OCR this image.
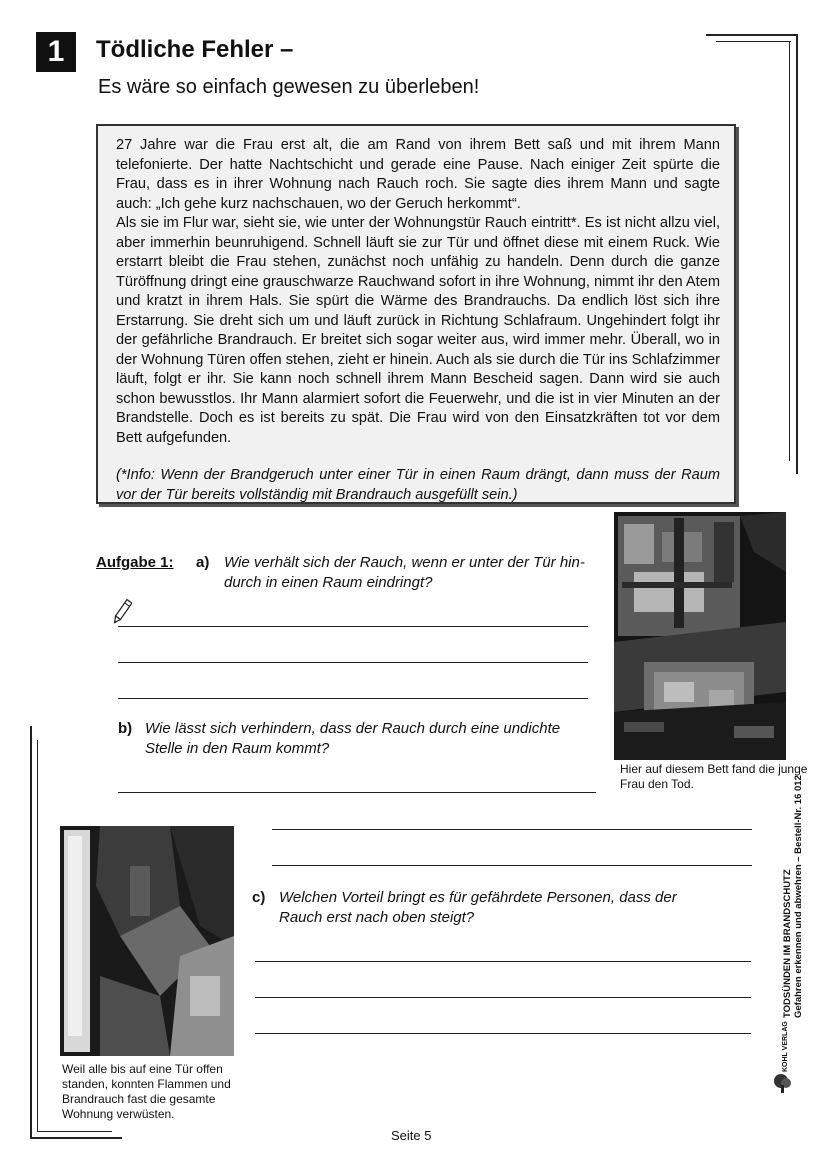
1	Tödliche Fehler –
Es wäre so einfach gewesen zu überleben!

27 Jahre war die Frau erst alt, die am Rand von ihrem Bett saß und mit ihrem Mann telefonierte. Der hatte Nachtschicht und gerade eine Pause. Nach einiger Zeit spürte die Frau, dass es in ihrer Wohnung nach Rauch roch. Sie sagte dies ihrem Mann und sagte auch: „Ich gehe kurz nachschauen, wo der Geruch herkommt“.

Als sie im Flur war, sieht sie, wie unter der Wohnungstür Rauch eintritt*. Es ist nicht allzu viel, aber immerhin beunruhigend. Schnell läuft sie zur Tür und öffnet diese mit einem Ruck. Wie erstarrt bleibt die Frau stehen, zunächst noch unfähig zu handeln. Denn durch die ganze Türöffnung dringt eine grauschwarze Rauchwand sofort in ihre Wohnung, nimmt ihr den Atem und kratzt in ihrem Hals. Sie spürt die Wärme des Brandrauchs. Da endlich löst sich ihre Erstarrung. Sie dreht sich um und läuft zurück in Richtung Schlafraum. Ungehindert folgt ihr der gefährliche Brandrauch. Er breitet sich sogar weiter aus, wird immer mehr. Überall, wo in der Wohnung Türen offen stehen, zieht er hinein. Auch als sie durch die Tür ins Schlafzimmer läuft, folgt er ihr. Sie kann noch schnell ihrem Mann Bescheid sagen. Dann wird sie auch schon bewusstlos. Ihr Mann alarmiert sofort die Feuerwehr, und die ist in vier Minuten an der Brandstelle. Doch es ist bereits zu spät. Die Frau wird von den Einsatzkräften tot vor dem Bett aufgefunden.

(*Info: Wenn der Brandgeruch unter einer Tür in einen Raum drängt, dann muss der Raum vor der Tür bereits vollständig mit Brandrauch ausgefüllt sein.)

Aufgabe 1: a) Wie verhält sich der Rauch, wenn er unter der Tür hindurch in einen Raum eindringt?
b) Wie lässt sich verhindern, dass der Rauch durch eine undichte Stelle in den Raum kommt?
c) Welchen Vorteil bringt es für gefährdete Personen, dass der Rauch erst nach oben steigt?
Hier auf diesem Bett fand die junge Frau den Tod.
Weil alle bis auf eine Tür offen standen, konnten Flammen und Brandrauch fast die gesamte Wohnung verwüsten.
TODSÜNDEN IM BRANDSCHUTZ Gefahren erkennen und abwehren – Bestell-Nr. 16 012
KOHL VERLAG
Seite 5
